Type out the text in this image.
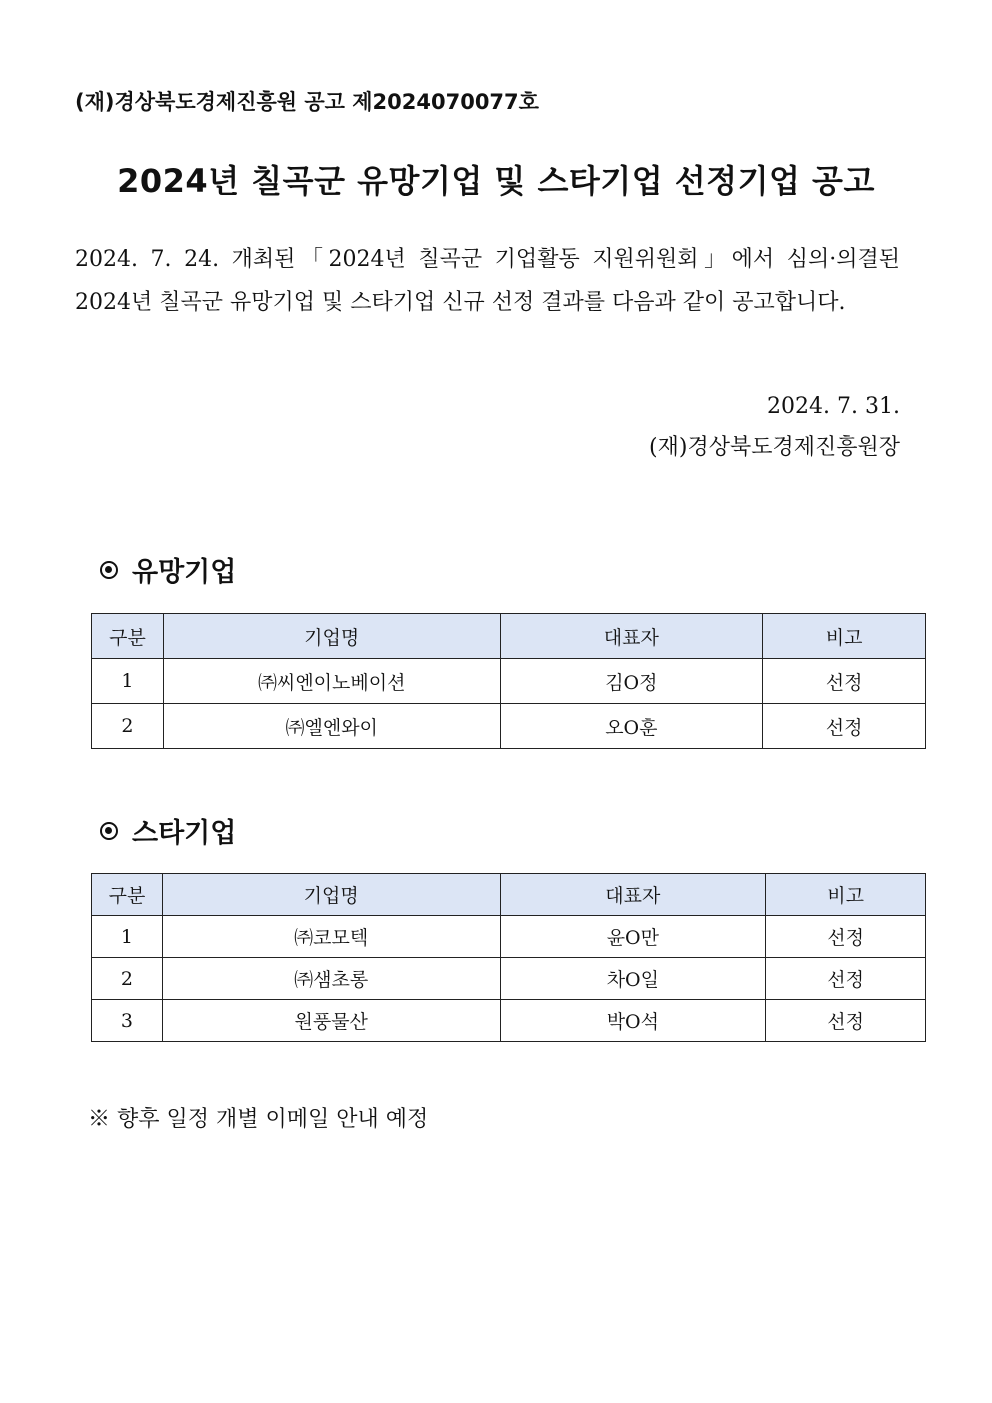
(재)경상북도경제진흥원 공고 제2024070077호
2024년 칠곡군 유망기업 및 스타기업 선정기업 공고

2024. 7. 24. 개최된「2024년 칠곡군 기업활동 지원위원회」에서 심의·의결된 2024년 칠곡군 유망기업 및 스타기업 신규 선정 결과를 다음과 같이 공고합니다.

2024. 7. 31.
(재)경상북도경제진흥원장
유망기업
구분	기업명	대표자	비고
1	㈜씨엔이노베이션	김O정	선정
2	㈜엘엔와이	오O훈	선정
스타기업
구분	기업명	대표자	비고
1	㈜코모텍	윤O만	선정
2	㈜샘초롱	차O일	선정
3	원풍물산	박O석	선정
※ 향후 일정 개별 이메일 안내 예정
